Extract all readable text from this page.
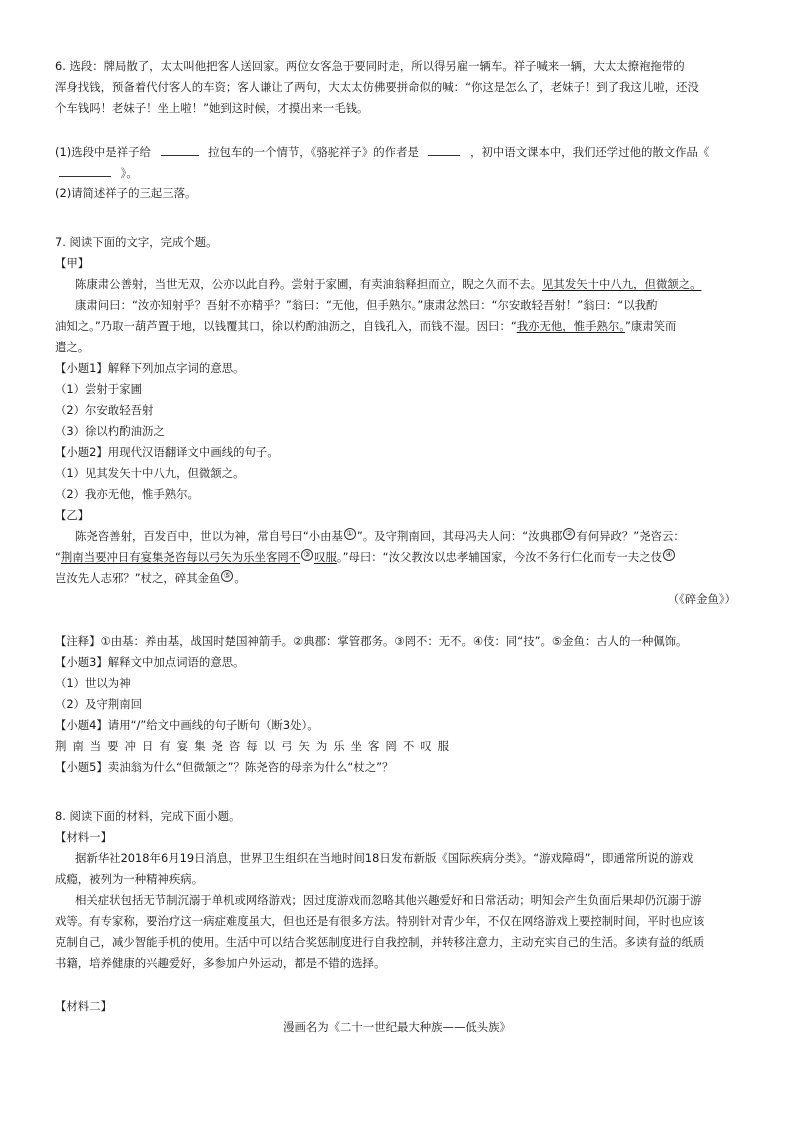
6. 选段：牌局散了，太太叫他把客人送回家。两位女客急于要同时走，所以得另雇一辆车。祥子喊来一辆，大太太撩袍拖带的
浑身找钱，预备着代付客人的车资；客人谦让了两句，大太太仿佛要拼命似的喊：“你这是怎么了，老妹子！到了我这儿啦，还没
个车钱吗！老妹子！坐上啦！”她到这时候，才摸出来一毛钱。
(1)选段中是祥子给	拉包车的一个情节，《骆驼祥子》的作者是	，初中语文课本中，我们还学过他的散文作品《
》。
(2)请简述祥子的三起三落。
7. 阅读下面的文字，完成个题。
【甲】
陈康肃公善射，当世无双，公亦以此自矜。尝射于家圃，有卖油翁释担而立，睨之久而不去。见其发矢十中八九，但微颔之。
康肃问曰：“汝亦知射乎？吾射不亦精乎？”翁曰：“无他，但手熟尔。”康肃忿然曰：“尔安敢轻吾射！”翁曰：“以我酌
油知之。”乃取一葫芦置于地，以钱覆其口，徐以杓酌油沥之，自钱孔入，而钱不湿。因曰：“我亦无他，惟手熟尔。”康肃笑而
遣之。
【小题1】解释下列加点字词的意思。
（1）尝射于家圃
（2）尔安敢轻吾射
（3）徐以杓酌油沥之
【小题2】用现代汉语翻译文中画线的句子。
（1）见其发矢十中八九，但微颔之。
（2）我亦无他，惟手熟尔。
【乙】
陈尧咨善射，百发百中，世以为神，常自号曰“小由基 ① ”。及守荆南回，其母冯夫人问：“汝典郡 ② 有何异政？”尧咨云：
“荆南当要冲日有宴集尧咨每以弓矢为乐坐客罔不 ③ 叹服。”母曰：“汝父教汝以忠孝辅国家，今汝不务行仁化而专一夫之伎 ④
岂汝先人志邪？”杖之，碎其金鱼 ⑤ 。
（《碎金鱼》）
【注释】①由基：养由基，战国时楚国神箭手。②典郡：掌管郡务。③罔不：无不。④伎：同“技”。⑤金鱼：古人的一种佩饰。
【小题3】解释文中加点词语的意思。
（1）世以为神
（2）及守荆南回
【小题4】请用“/”给文中画线的句子断句（断3处）。
荆南当要冲日有宴集尧咨每以弓矢为乐坐客罔不叹服
【小题5】卖油翁为什么“但微颔之”？陈尧咨的母亲为什么“杖之”？
8. 阅读下面的材料，完成下面小题。
【材料一】
据新华社2018年6月19日消息，世界卫生组织在当地时间18日发布新版《国际疾病分类》。“游戏障碍”，即通常所说的游戏
成瘾，被列为一种精神疾病。
相关症状包括无节制沉溺于单机或网络游戏；因过度游戏而忽略其他兴趣爱好和日常活动；明知会产生负面后果却仍沉溺于游
戏等。有专家称，要治疗这一病症难度虽大，但也还是有很多方法。特别针对青少年，不仅在网络游戏上要控制时间，平时也应该
克制自己，减少智能手机的使用。生活中可以结合奖惩制度进行自我控制，并转移注意力，主动充实自己的生活。多读有益的纸质
书籍，培养健康的兴趣爱好，多参加户外运动，都是不错的选择。
【材料二】
漫画名为《二十一世纪最大种族——低头族》
